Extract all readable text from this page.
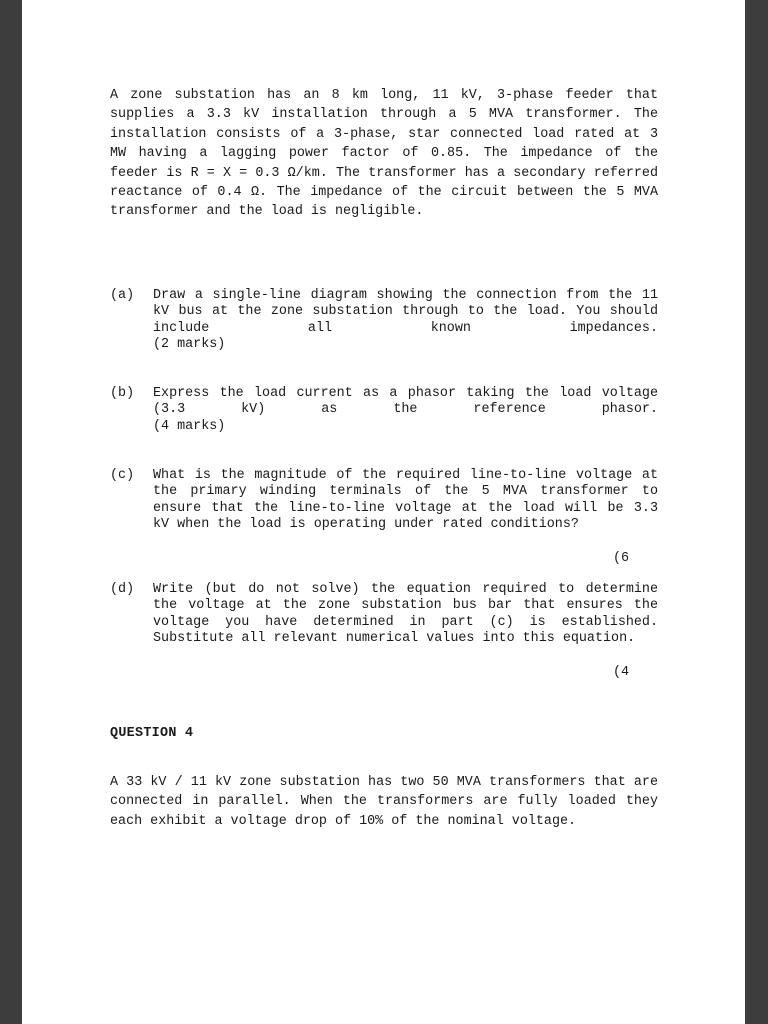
A zone substation has an 8 km long, 11 kV, 3-phase feeder that supplies a 3.3 kV installation through a 5 MVA transformer. The installation consists of a 3-phase, star connected load rated at 3 MW having a lagging power factor of 0.85. The impedance of the feeder is R = X = 0.3 Ω/km. The transformer has a secondary referred reactance of 0.4 Ω. The impedance of the circuit between the 5 MVA transformer and the load is negligible.

(a) Draw a single-line diagram showing the connection from the 11 kV bus at the zone substation through to the load. You should include all known impedances.
(2 marks)
(b) Express the load current as a phasor taking the load voltage (3.3 kV) as the reference phasor.
(4 marks)
(c) What is the magnitude of the required line-to-line voltage at the primary winding terminals of the 5 MVA transformer to ensure that the line-to-line voltage at the load will be 3.3 kV when the load is operating under rated conditions?
(6
(d) Write (but do not solve) the equation required to determine the voltage at the zone substation bus bar that ensures the voltage you have determined in part (c) is established. Substitute all relevant numerical values into this equation.
(4
QUESTION 4

A 33 kV / 11 kV zone substation has two 50 MVA transformers that are connected in parallel. When the transformers are fully loaded they each exhibit a voltage drop of 10% of the nominal voltage.
